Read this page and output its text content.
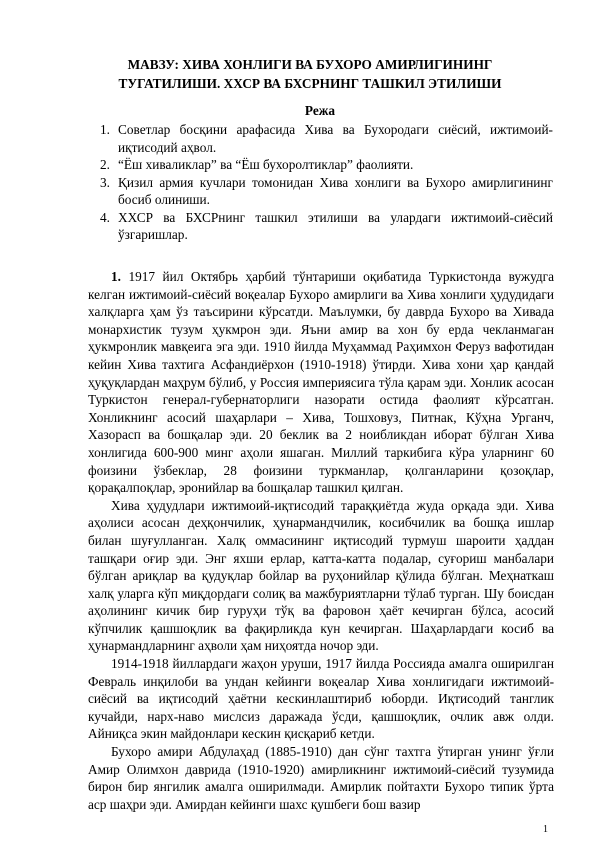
МАВЗУ: ХИВА ХОНЛИГИ ВА БУХОРО АМИРЛИГИНИНГ
ТУГАТИЛИШИ. ХХСР ВА БХСРНИНГ ТАШКИЛ ЭТИЛИШИ
Режа
1. Советлар босқини арафасида Хива ва Бухородаги сиёсий, ижтимоий-иқтисодий аҳвол.
2. “Ёш хиваликлар” ва “Ёш бухоролтиклар” фаолияти.
3. Қизил армия кучлари томонидан Хива хонлиги ва Бухоро амирлигининг босиб олиниши.
4. ХХСР ва БХСРнинг ташкил этилиши ва улардаги ижтимоий-сиёсий ўзгаришлар.

1. 1917 йил Октябрь ҳарбий тўнтариши оқибатида Туркистонда вужудга келган ижтимоий-сиёсий воқеалар Бухоро амирлиги ва Хива хонлиги ҳудудидаги халқларга ҳам ўз таъсирини кўрсатди. Маълумки, бу даврда Бухоро ва Хивада монархистик тузум ҳукмрон эди. Яъни амир ва хон бу ерда чекланмаган ҳукмронлик мавқеига эга эди. 1910 йилда Муҳаммад Раҳимхон Феруз вафотидан кейин Хива тахтига Асфандиёрхон (1910-1918) ўтирди. Хива хони ҳар қандай ҳуқуқлардан маҳрум бўлиб, у Россия империясига тўла қарам эди. Хонлик асосан Туркистон генерал-губернаторлиги назорати остида фаолият кўрсатган. Хонликнинг асосий шаҳарлари – Хива, Тошховуз, Питнак, Кўҳна Урганч, Хазорасп ва бошқалар эди. 20 беклик ва 2 ноибликдан иборат бўлган Хива хонлигида 600-900 минг аҳоли яшаган. Миллий таркибига кўра уларнинг 60 фоизини ўзбеклар, 28 фоизини туркманлар, қолганларини қозоқлар, қорақалпоқлар, эронийлар ва бошқалар ташкил қилган.

Хива ҳудудлари ижтимоий-иқтисодий тараққиётда жуда орқада эди. Хива аҳолиси асосан деҳқончилик, ҳунармандчилик, косибчилик ва бошқа ишлар билан шуғулланган. Халқ оммасининг иқтисодий турмуш шароити ҳаддан ташқари оғир эди. Энг яхши ерлар, катта-катта подалар, суғориш манбалари бўлган ариқлар ва қудуқлар бойлар ва руҳонийлар қўлида бўлган. Меҳнаткаш халқ уларга кўп миқдордаги солиқ ва мажбуриятларни тўлаб турган. Шу боисдан аҳолининг кичик бир гуруҳи тўқ ва фаровон ҳаёт кечирган бўлса, асосий кўпчилик қашшоқлик ва фақирликда кун кечирган. Шаҳарлардаги косиб ва ҳунармандларнинг аҳволи ҳам ниҳоятда ночор эди.

1914-1918 йиллардаги жаҳон уруши, 1917 йилда Россияда амалга оширилган Февраль инқилоби ва ундан кейинги воқеалар Хива хонлигидаги ижтимоий-сиёсий ва иқтисодий ҳаётни кескинлаштириб юборди. Иқтисодий танглик кучайди, нарх-наво мислсиз даражада ўсди, қашшоқлик, очлик авж олди. Айниқса экин майдонлари кескин қисқариб кетди.

Бухоро амири Абдулаҳад (1885-1910) дан сўнг тахтга ўтирган унинг ўғли Амир Олимхон даврида (1910-1920) амирликнинг ижтимоий-сиёсий тузумида бирон бир янгилик амалга оширилмади. Амирлик пойтахти Бухоро типик ўрта аср шаҳри эди. Амирдан кейинги шахс қушбеги бош вазир

1
